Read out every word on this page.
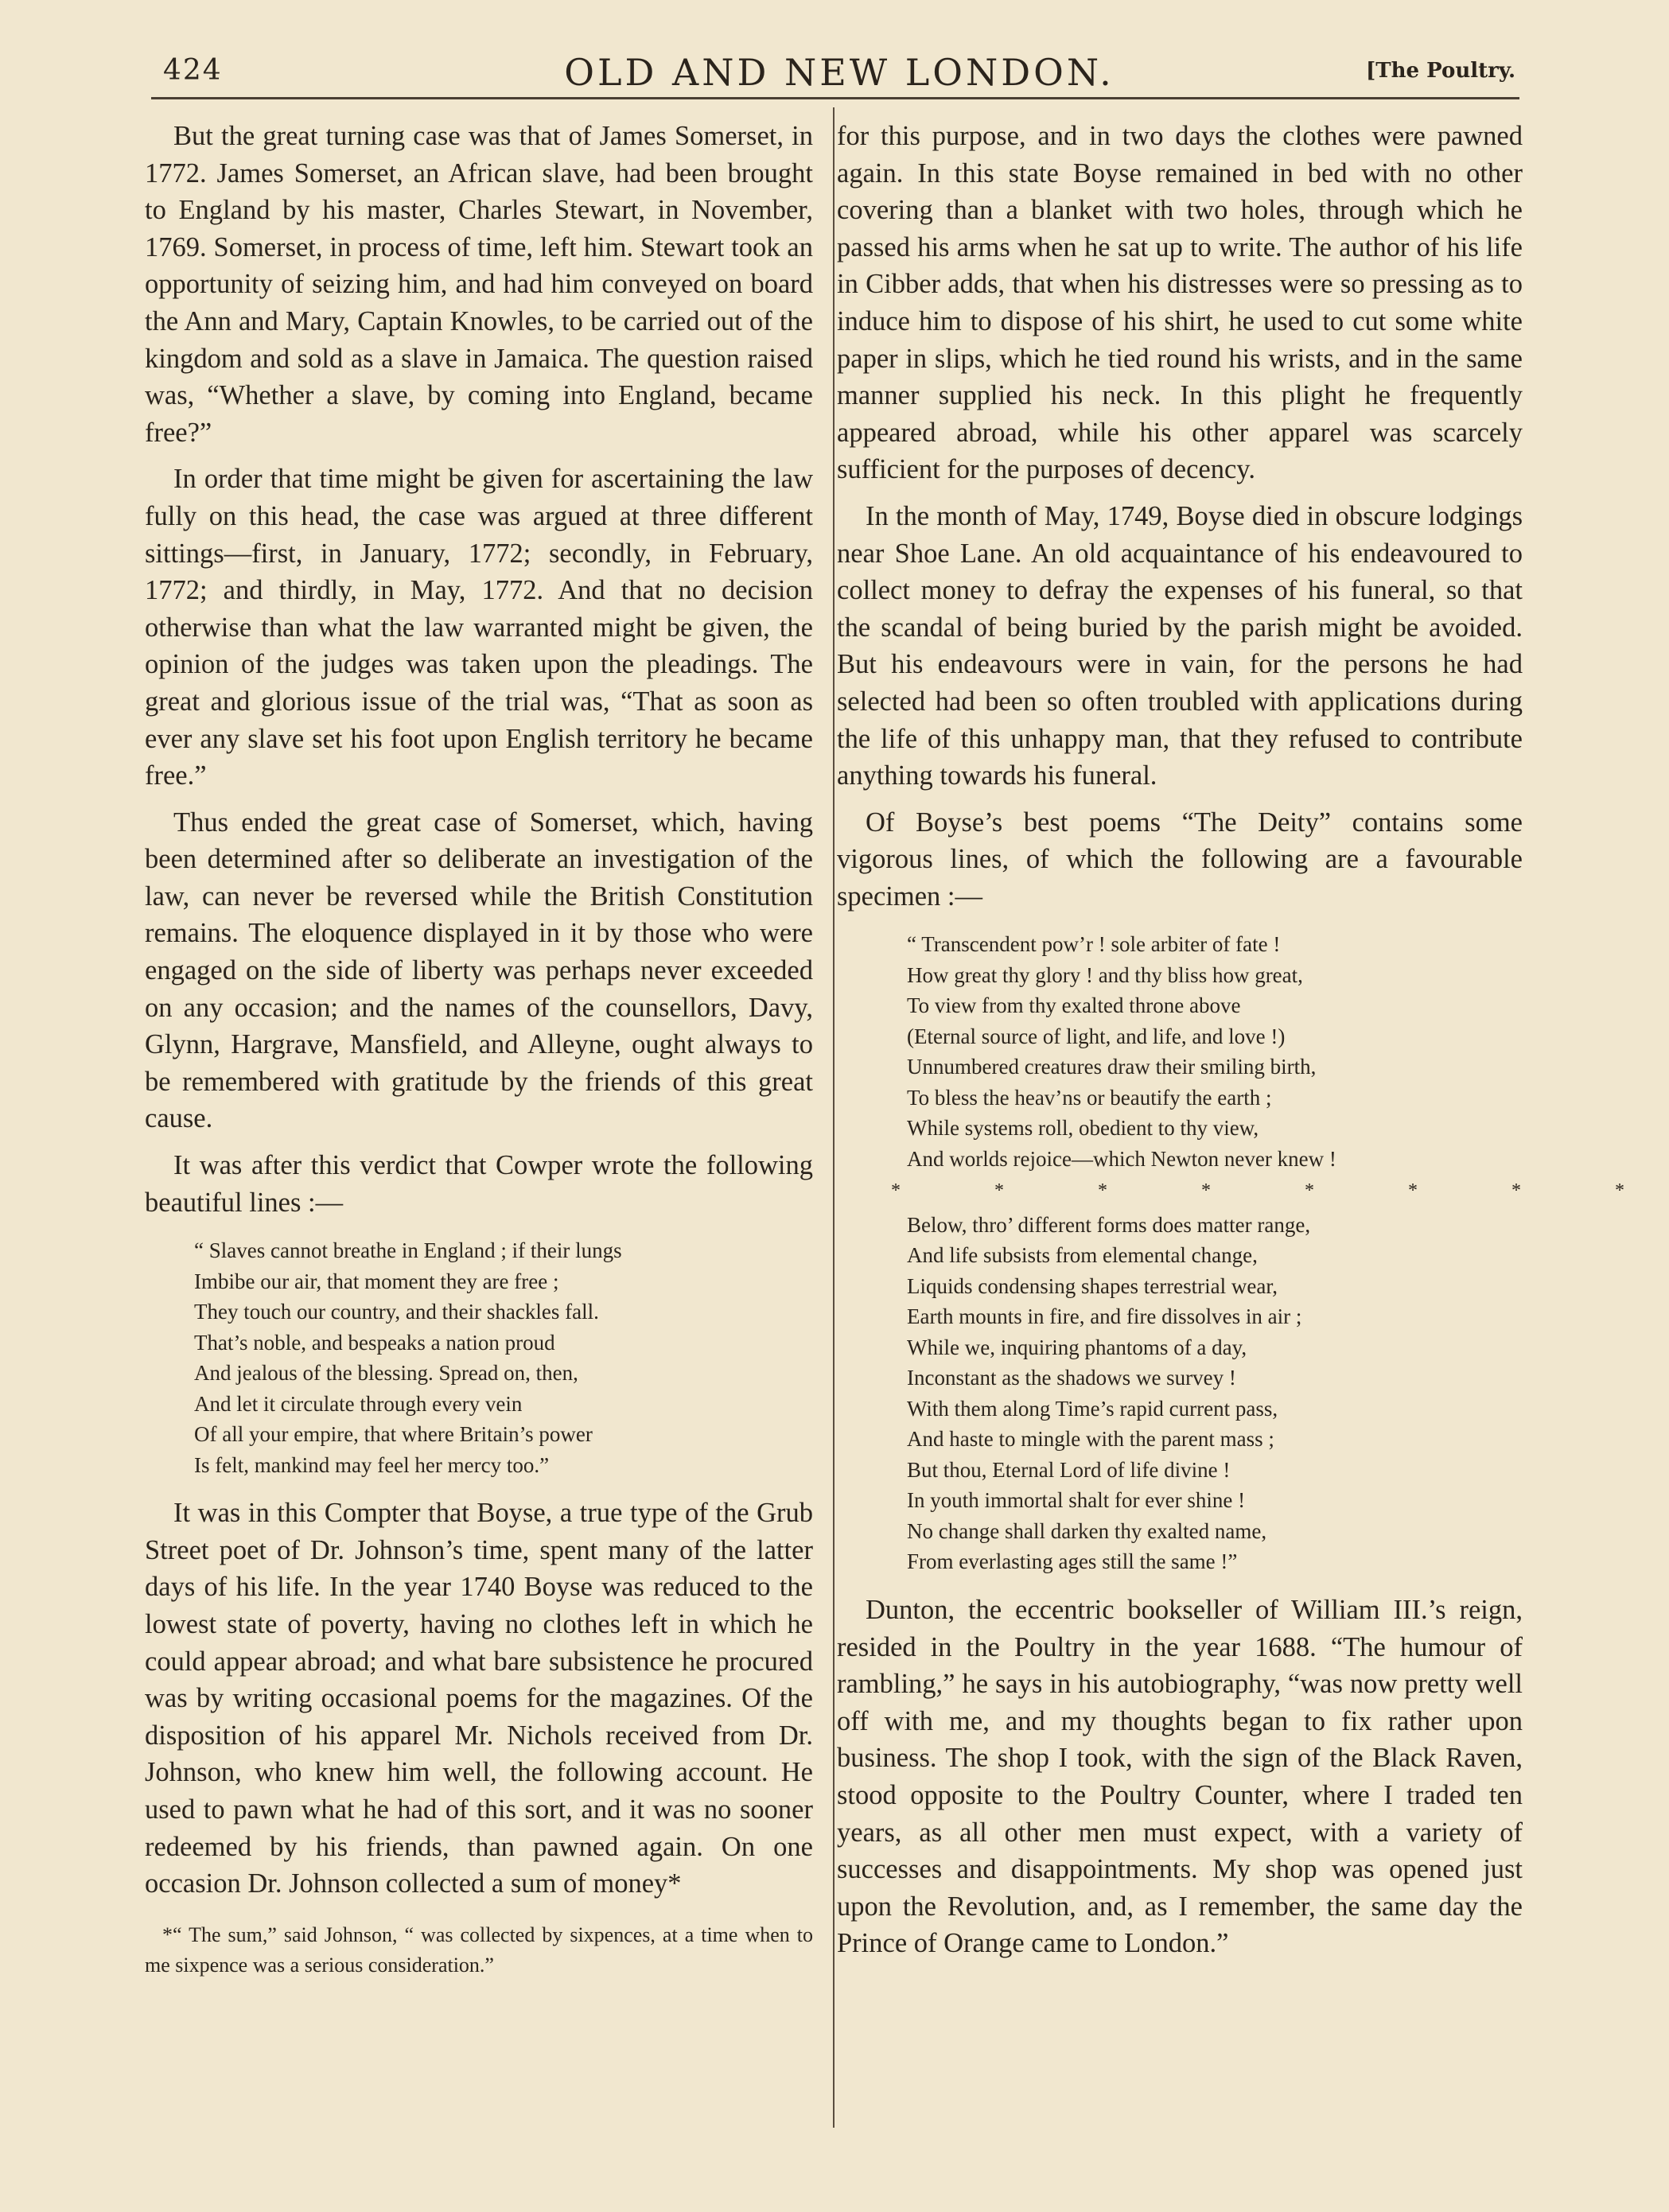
424	OLD AND NEW LONDON.	[The Poultry.

But the great turning case was that of James Somerset, in 1772. James Somerset, an African slave, had been brought to England by his master, Charles Stewart, in November, 1769. Somerset, in process of time, left him. Stewart took an opportunity of seizing him, and had him conveyed on board the Ann and Mary, Captain Knowles, to be carried out of the kingdom and sold as a slave in Jamaica. The question raised was, “Whether a slave, by coming into England, became free?”

In order that time might be given for ascertaining the law fully on this head, the case was argued at three different sittings—first, in January, 1772; secondly, in February, 1772; and thirdly, in May, 1772. And that no decision otherwise than what the law warranted might be given, the opinion of the judges was taken upon the pleadings. The great and glorious issue of the trial was, “That as soon as ever any slave set his foot upon English territory he became free.”

Thus ended the great case of Somerset, which, having been determined after so deliberate an investigation of the law, can never be reversed while the British Constitution remains. The eloquence displayed in it by those who were engaged on the side of liberty was perhaps never exceeded on any occasion; and the names of the counsellors, Davy, Glynn, Hargrave, Mansfield, and Alleyne, ought always to be remembered with gratitude by the friends of this great cause.

It was after this verdict that Cowper wrote the following beautiful lines :—

“ Slaves cannot breathe in England ; if their lungs
Imbibe our air, that moment they are free ;
They touch our country, and their shackles fall.
That’s noble, and bespeaks a nation proud
And jealous of the blessing. Spread on, then,
And let it circulate through every vein
Of all your empire, that where Britain’s power
Is felt, mankind may feel her mercy too.”

It was in this Compter that Boyse, a true type of the Grub Street poet of Dr. Johnson’s time, spent many of the latter days of his life. In the year 1740 Boyse was reduced to the lowest state of poverty, having no clothes left in which he could appear abroad; and what bare subsistence he procured was by writing occasional poems for the magazines. Of the disposition of his apparel Mr. Nichols received from Dr. Johnson, who knew him well, the following account. He used to pawn what he had of this sort, and it was no sooner redeemed by his friends, than pawned again. On one occasion Dr. Johnson collected a sum of money*

*“ The sum,” said Johnson, “ was collected by sixpences, at a time when to me sixpence was a serious consideration.”

for this purpose, and in two days the clothes were pawned again. In this state Boyse remained in bed with no other covering than a blanket with two holes, through which he passed his arms when he sat up to write. The author of his life in Cibber adds, that when his distresses were so pressing as to induce him to dispose of his shirt, he used to cut some white paper in slips, which he tied round his wrists, and in the same manner supplied his neck. In this plight he frequently appeared abroad, while his other apparel was scarcely sufficient for the purposes of decency.

In the month of May, 1749, Boyse died in obscure lodgings near Shoe Lane. An old acquaintance of his endeavoured to collect money to defray the expenses of his funeral, so that the scandal of being buried by the parish might be avoided. But his endeavours were in vain, for the persons he had selected had been so often troubled with applications during the life of this unhappy man, that they refused to contribute anything towards his funeral.

Of Boyse’s best poems “The Deity” contains some vigorous lines, of which the following are a favourable specimen :—

“ Transcendent pow’r ! sole arbiter of fate !
How great thy glory ! and thy bliss how great,
To view from thy exalted throne above
(Eternal source of light, and life, and love !)
Unnumbered creatures draw their smiling birth,
To bless the heav’ns or beautify the earth ;
While systems roll, obedient to thy view,
And worlds rejoice—which Newton never knew !
* * * * * * * *
Below, thro’ different forms does matter range,
And life subsists from elemental change,
Liquids condensing shapes terrestrial wear,
Earth mounts in fire, and fire dissolves in air ;
While we, inquiring phantoms of a day,
Inconstant as the shadows we survey !
With them along Time’s rapid current pass,
And haste to mingle with the parent mass ;
But thou, Eternal Lord of life divine !
In youth immortal shalt for ever shine !
No change shall darken thy exalted name,
From everlasting ages still the same !”

Dunton, the eccentric bookseller of William III.’s reign, resided in the Poultry in the year 1688. “The humour of rambling,” he says in his autobiography, “was now pretty well off with me, and my thoughts began to fix rather upon business. The shop I took, with the sign of the Black Raven, stood opposite to the Poultry Counter, where I traded ten years, as all other men must expect, with a variety of successes and disappointments. My shop was opened just upon the Revolution, and, as I remember, the same day the Prince of Orange came to London.”
